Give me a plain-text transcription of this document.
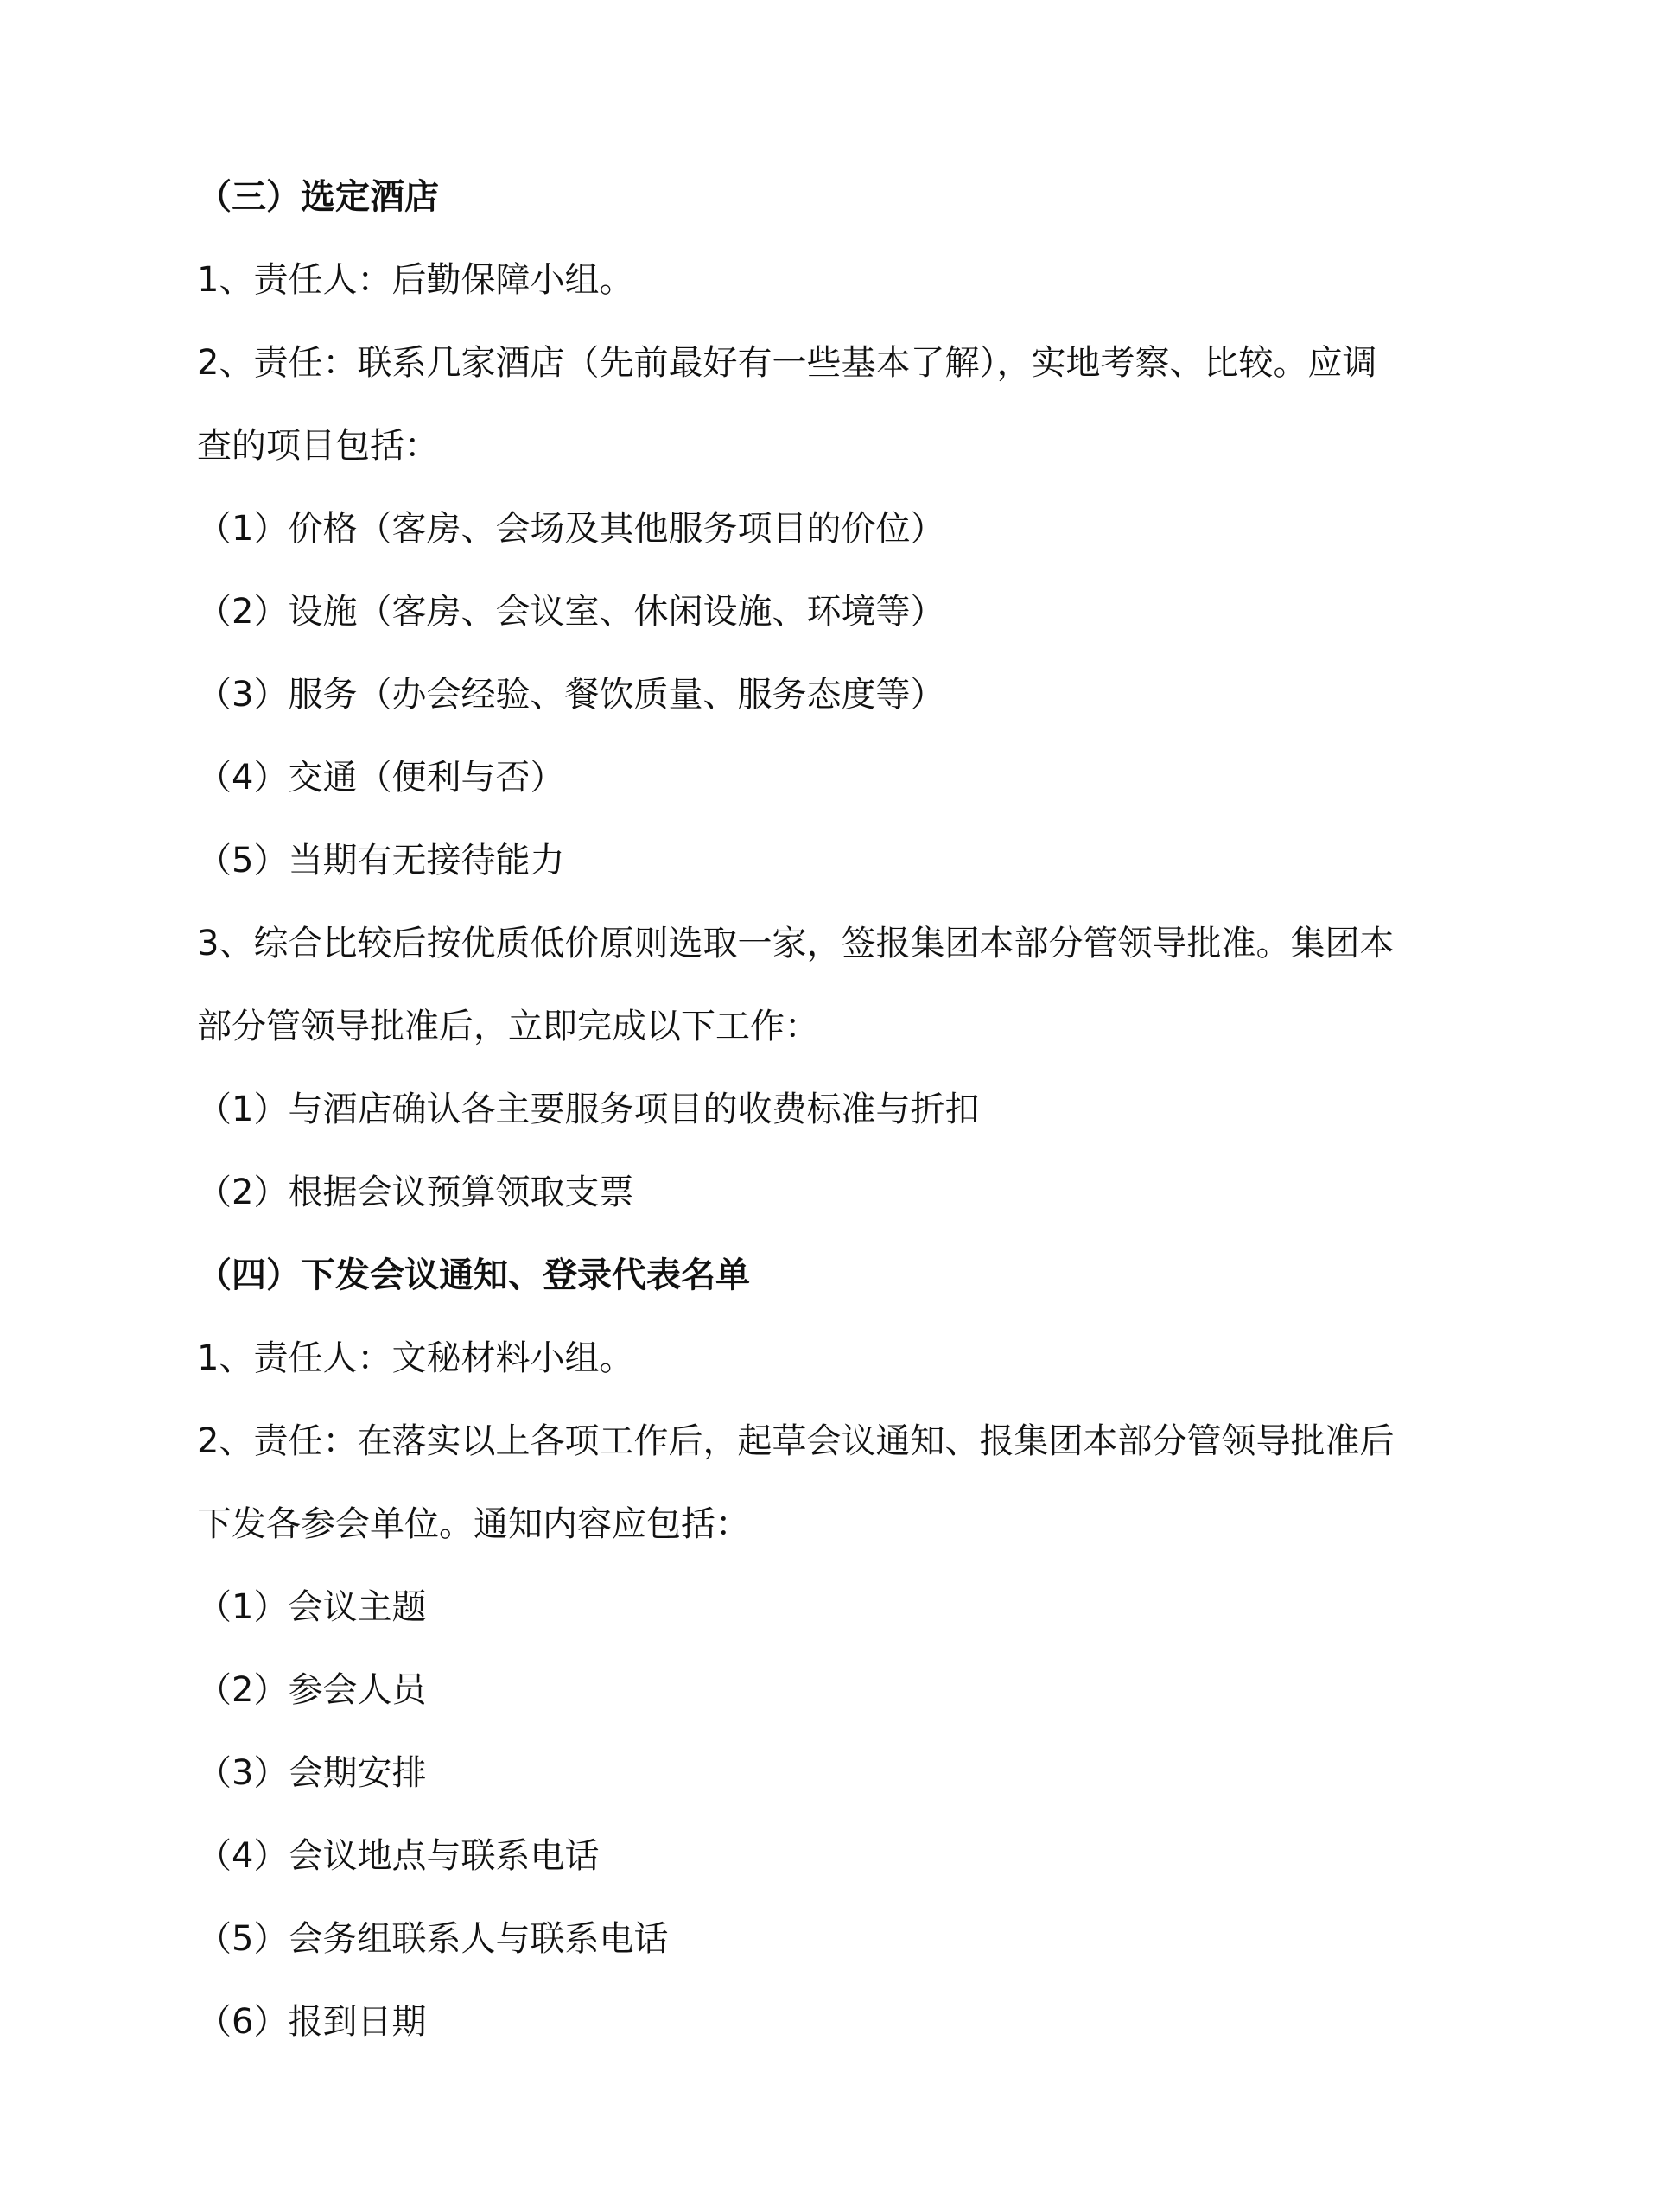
（三）选定酒店
1、责任人：后勤保障小组。
2、责任：联系几家酒店（先前最好有一些基本了解），实地考察、比较。应调
查的项目包括：
（1）价格（客房、会场及其他服务项目的价位）
（2）设施（客房、会议室、休闲设施、环境等）
（3）服务（办会经验、餐饮质量、服务态度等）
（4）交通（便利与否）
（5）当期有无接待能力
3、综合比较后按优质低价原则选取一家，签报集团本部分管领导批准。集团本
部分管领导批准后，立即完成以下工作：
（1）与酒店确认各主要服务项目的收费标准与折扣
（2）根据会议预算领取支票
（四）下发会议通知、登录代表名单
1、责任人：文秘材料小组。
2、责任：在落实以上各项工作后，起草会议通知、报集团本部分管领导批准后
下发各参会单位。通知内容应包括：
（1）会议主题
（2）参会人员
（3）会期安排
（4）会议地点与联系电话
（5）会务组联系人与联系电话
（6）报到日期
